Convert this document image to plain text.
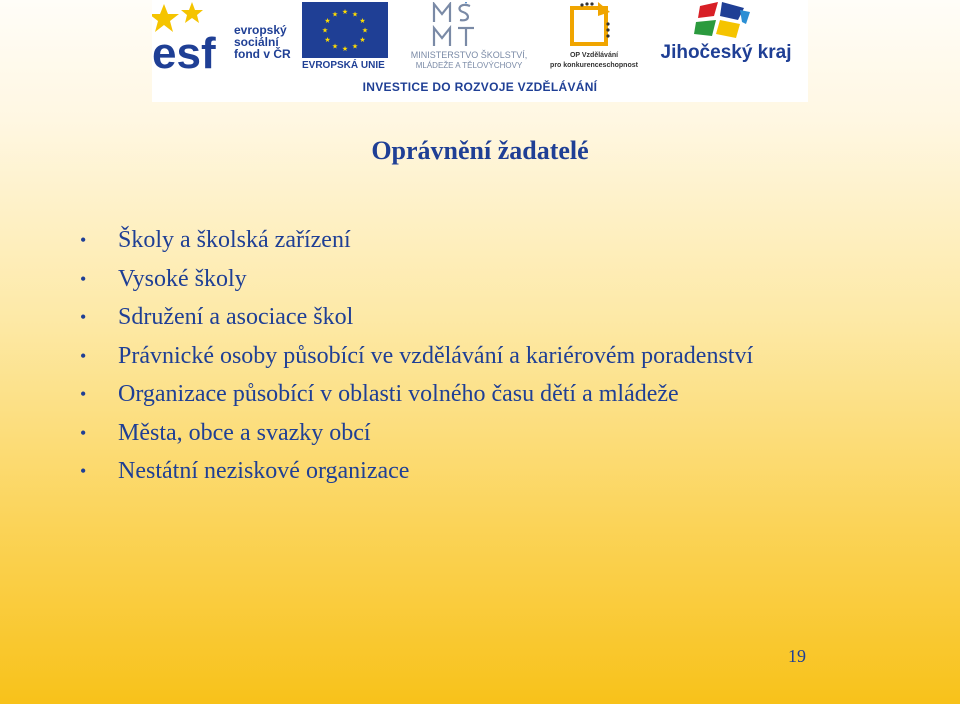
esf evropský
sociální
fond v ČR
★ ★
★
★
★
★
★
★
★
★
★
★
EVROPSKÁ UNIE
MINISTERSTVO ŠKOLSTVÍ,
MLÁDEŽE A TĚLOVÝCHOVY
OP Vzdělávání
pro konkurenceschopnost
Jihočeský kraj
INVESTICE DO ROZVOJE VZDĚLÁVÁNÍ
Oprávnění žadatelé
• Školy a školská zařízení
• Vysoké školy
• Sdružení a asociace škol
• Právnické osoby působící ve vzdělávání a kariérovém poradenství
• Organizace působící v oblasti volného času dětí a mládeže
• Města, obce a svazky obcí
• Nestátní neziskové organizace
19
